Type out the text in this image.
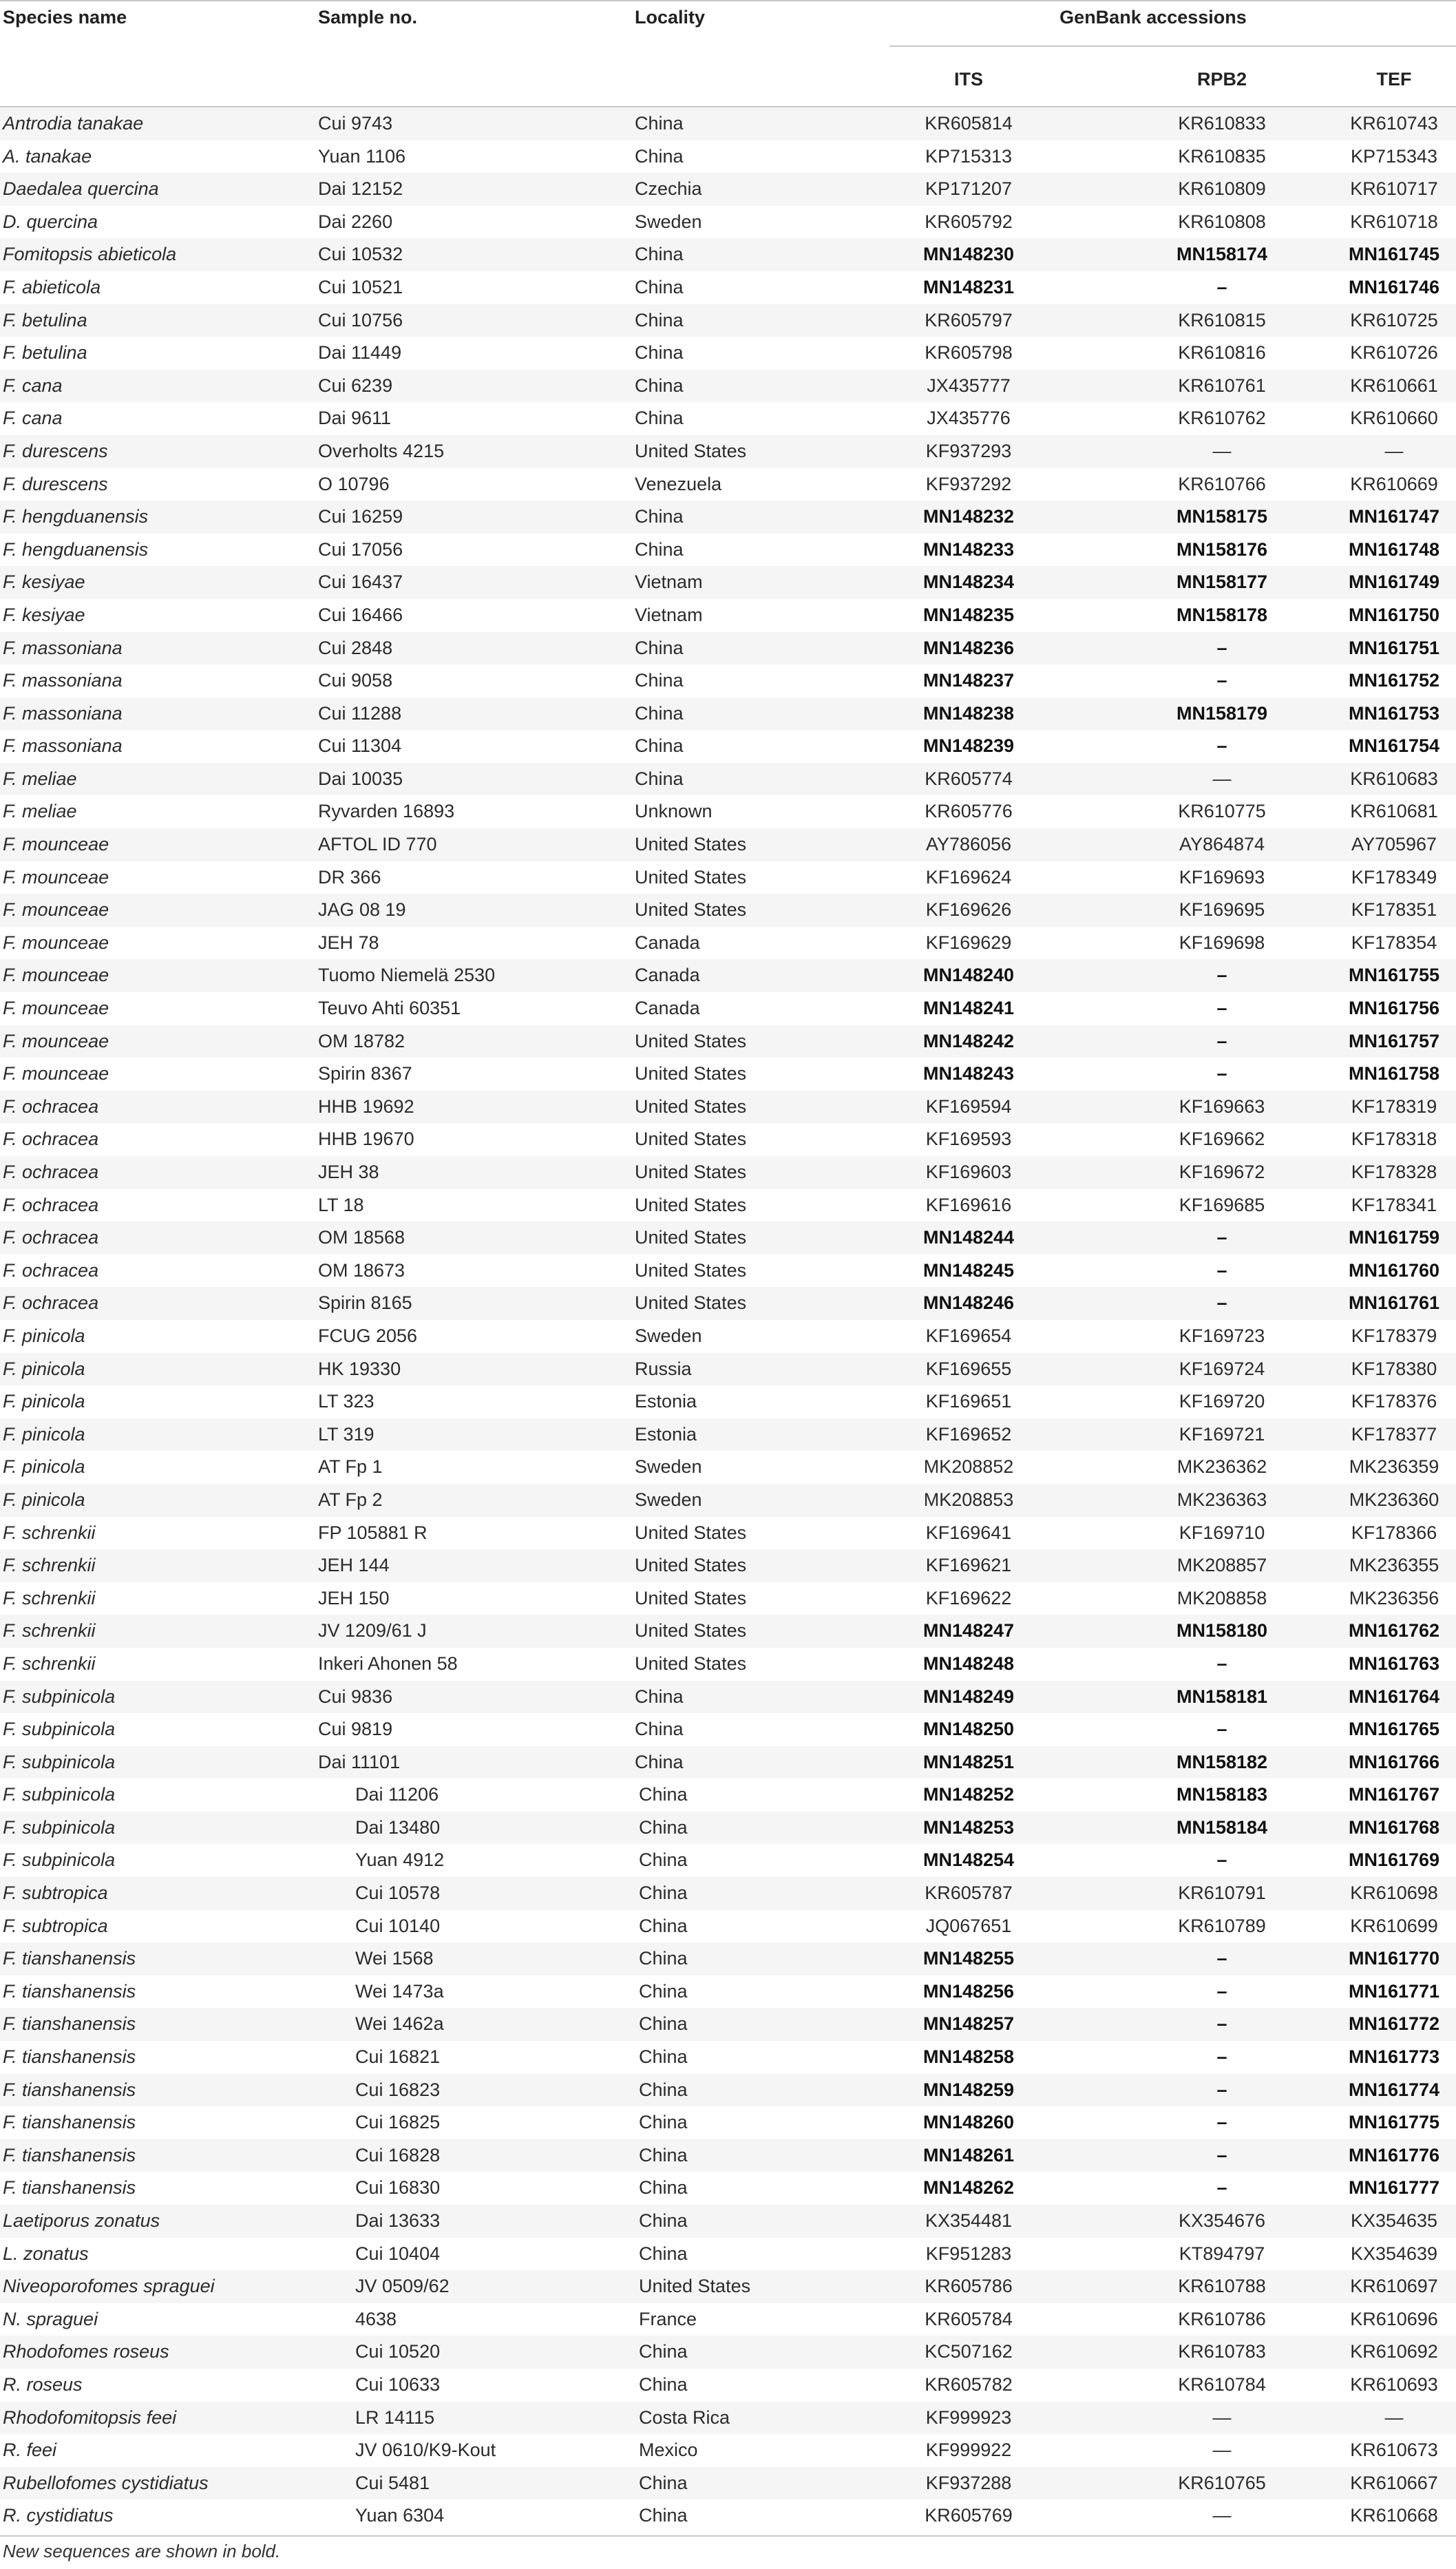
Species name	Sample no.	Locality	GenBank accessions
ITS	RPB2	TEF
Antrodia tanakae	Cui 9743	China	KR605814	KR610833	KR610743
A. tanakae	Yuan 1106	China	KP715313	KR610835	KP715343
Daedalea quercina	Dai 12152	Czechia	KP171207	KR610809	KR610717
D. quercina	Dai 2260	Sweden	KR605792	KR610808	KR610718
Fomitopsis abieticola	Cui 10532	China	MN148230	MN158174	MN161745
F. abieticola	Cui 10521	China	MN148231	–	MN161746
F. betulina	Cui 10756	China	KR605797	KR610815	KR610725
F. betulina	Dai 11449	China	KR605798	KR610816	KR610726
F. cana	Cui 6239	China	JX435777	KR610761	KR610661
F. cana	Dai 9611	China	JX435776	KR610762	KR610660
F. durescens	Overholts 4215	United States	KF937293	—	—
F. durescens	O 10796	Venezuela	KF937292	KR610766	KR610669
F. hengduanensis	Cui 16259	China	MN148232	MN158175	MN161747
F. hengduanensis	Cui 17056	China	MN148233	MN158176	MN161748
F. kesiyae	Cui 16437	Vietnam	MN148234	MN158177	MN161749
F. kesiyae	Cui 16466	Vietnam	MN148235	MN158178	MN161750
F. massoniana	Cui 2848	China	MN148236	–	MN161751
F. massoniana	Cui 9058	China	MN148237	–	MN161752
F. massoniana	Cui 11288	China	MN148238	MN158179	MN161753
F. massoniana	Cui 11304	China	MN148239	–	MN161754
F. meliae	Dai 10035	China	KR605774	—	KR610683
F. meliae	Ryvarden 16893	Unknown	KR605776	KR610775	KR610681
F. mounceae	AFTOL ID 770	United States	AY786056	AY864874	AY705967
F. mounceae	DR 366	United States	KF169624	KF169693	KF178349
F. mounceae	JAG 08 19	United States	KF169626	KF169695	KF178351
F. mounceae	JEH 78	Canada	KF169629	KF169698	KF178354
F. mounceae	Tuomo Niemelä 2530	Canada	MN148240	–	MN161755
F. mounceae	Teuvo Ahti 60351	Canada	MN148241	–	MN161756
F. mounceae	OM 18782	United States	MN148242	–	MN161757
F. mounceae	Spirin 8367	United States	MN148243	–	MN161758
F. ochracea	HHB 19692	United States	KF169594	KF169663	KF178319
F. ochracea	HHB 19670	United States	KF169593	KF169662	KF178318
F. ochracea	JEH 38	United States	KF169603	KF169672	KF178328
F. ochracea	LT 18	United States	KF169616	KF169685	KF178341
F. ochracea	OM 18568	United States	MN148244	–	MN161759
F. ochracea	OM 18673	United States	MN148245	–	MN161760
F. ochracea	Spirin 8165	United States	MN148246	–	MN161761
F. pinicola	FCUG 2056	Sweden	KF169654	KF169723	KF178379
F. pinicola	HK 19330	Russia	KF169655	KF169724	KF178380
F. pinicola	LT 323	Estonia	KF169651	KF169720	KF178376
F. pinicola	LT 319	Estonia	KF169652	KF169721	KF178377
F. pinicola	AT Fp 1	Sweden	MK208852	MK236362	MK236359
F. pinicola	AT Fp 2	Sweden	MK208853	MK236363	MK236360
F. schrenkii	FP 105881 R	United States	KF169641	KF169710	KF178366
F. schrenkii	JEH 144	United States	KF169621	MK208857	MK236355
F. schrenkii	JEH 150	United States	KF169622	MK208858	MK236356
F. schrenkii	JV 1209/61 J	United States	MN148247	MN158180	MN161762
F. schrenkii	Inkeri Ahonen 58	United States	MN148248	–	MN161763
F. subpinicola	Cui 9836	China	MN148249	MN158181	MN161764
F. subpinicola	Cui 9819	China	MN148250	–	MN161765
F. subpinicola	Dai 11101	China	MN148251	MN158182	MN161766
F. subpinicola	Dai 11206	China	MN148252	MN158183	MN161767
F. subpinicola	Dai 13480	China	MN148253	MN158184	MN161768
F. subpinicola	Yuan 4912	China	MN148254	–	MN161769
F. subtropica	Cui 10578	China	KR605787	KR610791	KR610698
F. subtropica	Cui 10140	China	JQ067651	KR610789	KR610699
F. tianshanensis	Wei 1568	China	MN148255	–	MN161770
F. tianshanensis	Wei 1473a	China	MN148256	–	MN161771
F. tianshanensis	Wei 1462a	China	MN148257	–	MN161772
F. tianshanensis	Cui 16821	China	MN148258	–	MN161773
F. tianshanensis	Cui 16823	China	MN148259	–	MN161774
F. tianshanensis	Cui 16825	China	MN148260	–	MN161775
F. tianshanensis	Cui 16828	China	MN148261	–	MN161776
F. tianshanensis	Cui 16830	China	MN148262	–	MN161777
Laetiporus zonatus	Dai 13633	China	KX354481	KX354676	KX354635
L. zonatus	Cui 10404	China	KF951283	KT894797	KX354639
Niveoporofomes spraguei	JV 0509/62	United States	KR605786	KR610788	KR610697
N. spraguei	4638	France	KR605784	KR610786	KR610696
Rhodofomes roseus	Cui 10520	China	KC507162	KR610783	KR610692
R. roseus	Cui 10633	China	KR605782	KR610784	KR610693
Rhodofomitopsis feei	LR 14115	Costa Rica	KF999923	—	—
R. feei	JV 0610/K9-Kout	Mexico	KF999922	—	KR610673
Rubellofomes cystidiatus	Cui 5481	China	KF937288	KR610765	KR610667
R. cystidiatus	Yuan 6304	China	KR605769	—	KR610668
New sequences are shown in bold.
